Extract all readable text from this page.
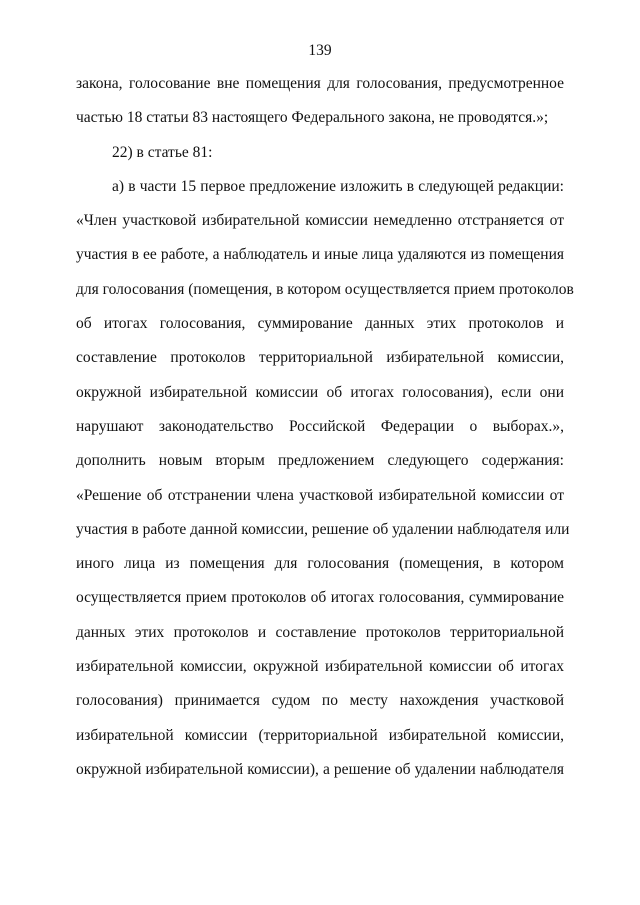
139
закона, голосование вне помещения для голосования, предусмотренное
частью 18 статьи 83 настоящего Федерального закона, не проводятся.»;
22) в статье 81:
а) в части 15 первое предложение изложить в следующей редакции:
«Член участковой избирательной комиссии немедленно отстраняется от
участия в ее работе, а наблюдатель и иные лица удаляются из помещения
для голосования (помещения, в котором осуществляется прием протоколов
об итогах голосования, суммирование данных этих протоколов и
составление протоколов территориальной избирательной комиссии,
окружной избирательной комиссии об итогах голосования), если они
нарушают законодательство Российской Федерации о выборах.»,
дополнить новым вторым предложением следующего содержания:
«Решение об отстранении члена участковой избирательной комиссии от
участия в работе данной комиссии, решение об удалении наблюдателя или
иного лица из помещения для голосования (помещения, в котором
осуществляется прием протоколов об итогах голосования, суммирование
данных этих протоколов и составление протоколов территориальной
избирательной комиссии, окружной избирательной комиссии об итогах
голосования) принимается судом по месту нахождения участковой
избирательной комиссии (территориальной избирательной комиссии,
окружной избирательной комиссии), а решение об удалении наблюдателя
